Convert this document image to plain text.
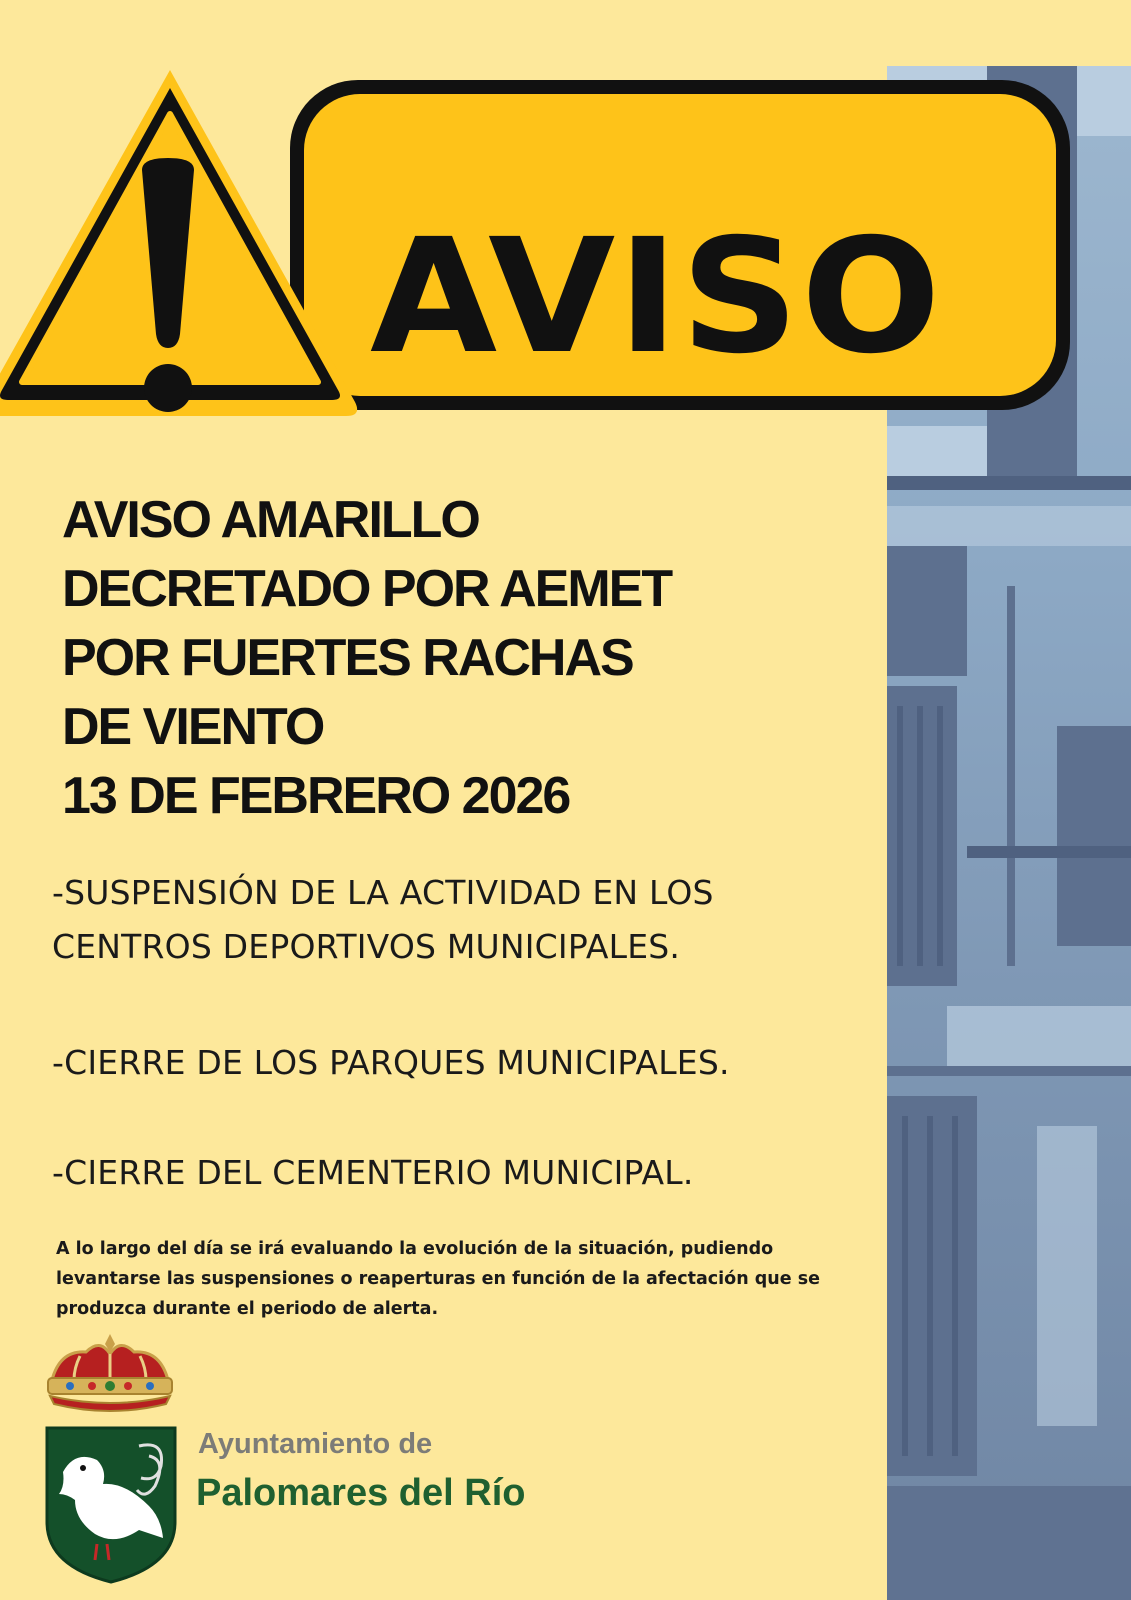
AVISO
AVISO AMARILLO
DECRETADO POR AEMET
POR FUERTES RACHAS
DE VIENTO
13 DE FEBRERO 2026
-SUSPENSIÓN DE LA ACTIVIDAD EN LOS CENTROS DEPORTIVOS MUNICIPALES.
-CIERRE DE LOS PARQUES MUNICIPALES.
-CIERRE DEL CEMENTERIO MUNICIPAL.
A lo largo del día se irá evaluando la evolución de la situación, pudiendo levantarse las suspensiones o reaperturas en función de la afectación que se produzca durante el periodo de alerta.
Ayuntamiento de
Palomares del Río
